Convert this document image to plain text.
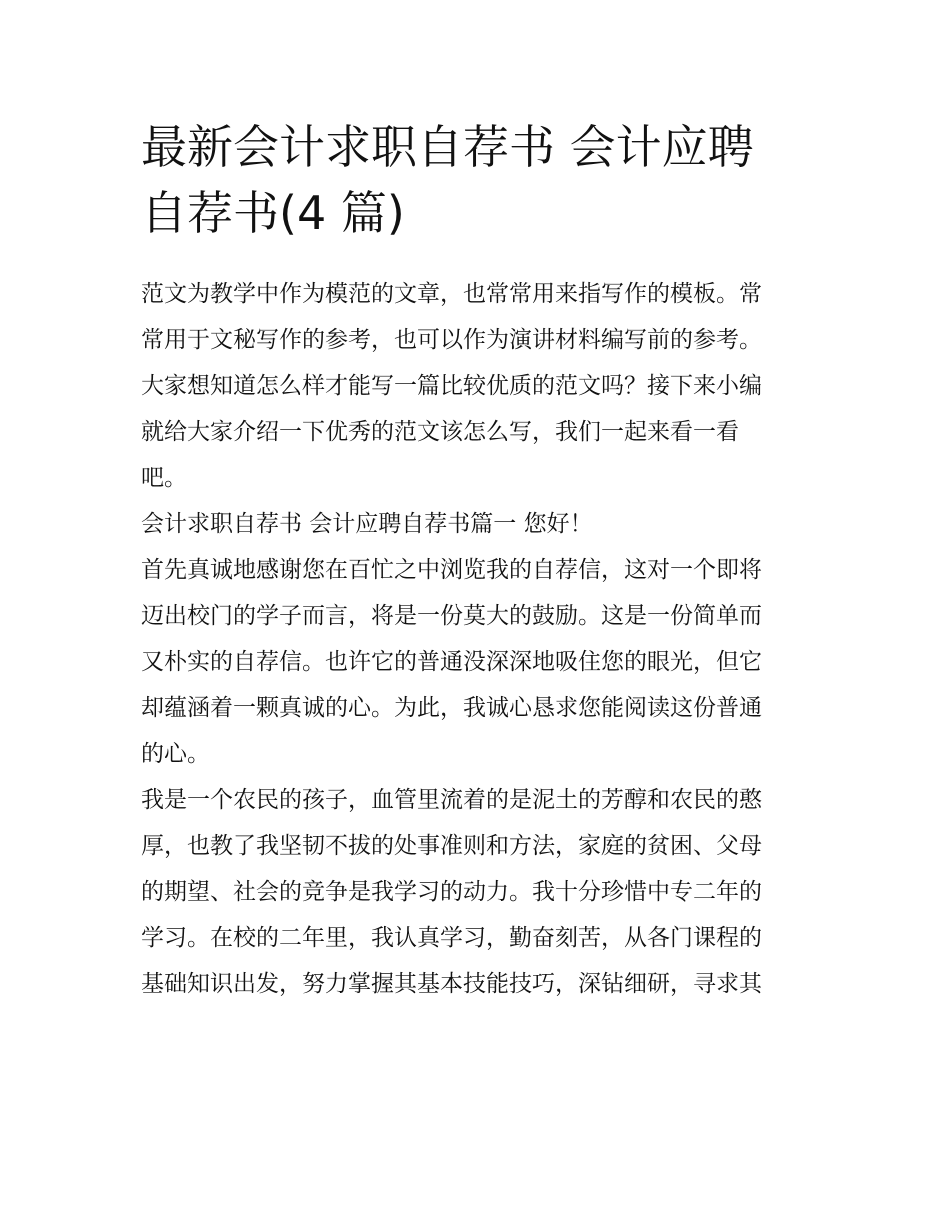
最新会计求职自荐书 会计应聘
自荐书(4 篇)

范文为教学中作为模范的文章，也常常用来指写作的模板。常
常用于文秘写作的参考，也可以作为演讲材料编写前的参考。
大家想知道怎么样才能写一篇比较优质的范文吗？接下来小编
就给大家介绍一下优秀的范文该怎么写，我们一起来看一看
吧。

会计求职自荐书 会计应聘自荐书篇一 您好！

首先真诚地感谢您在百忙之中浏览我的自荐信，这对一个即将
迈出校门的学子而言，将是一份莫大的鼓励。这是一份简单而
又朴实的自荐信。也许它的普通没深深地吸住您的眼光，但它
却蕴涵着一颗真诚的心。为此，我诚心恳求您能阅读这份普通
的心。

我是一个农民的孩子，血管里流着的是泥土的芳醇和农民的憨
厚，也教了我坚韧不拔的处事准则和方法，家庭的贫困、父母
的期望、社会的竞争是我学习的动力。我十分珍惜中专二年的
学习。在校的二年里，我认真学习，勤奋刻苦，从各门课程的
基础知识出发，努力掌握其基本技能技巧，深钻细研，寻求其
